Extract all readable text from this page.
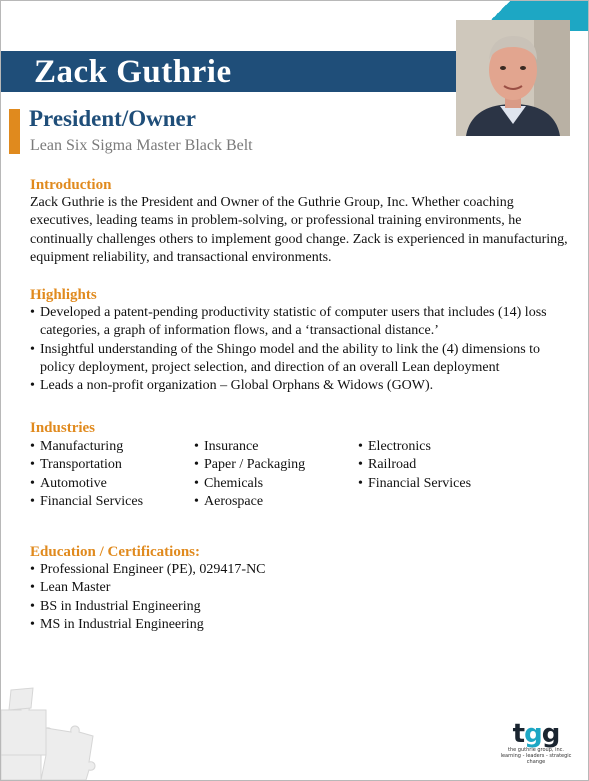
Zack Guthrie
President/Owner
Lean Six Sigma Master Black Belt
Introduction
Zack Guthrie is the President and Owner of the Guthrie Group, Inc. Whether coaching executives, leading teams in problem-solving, or professional training environments, he continually challenges others to implement good change. Zack is experienced in manufacturing, equipment reliability, and transactional environments.
Highlights
• Developed a patent-pending productivity statistic of computer users that includes (14) loss categories, a graph of information flows, and a ‘transactional distance.’
• Insightful understanding of the Shingo model and the ability to link the (4) dimensions to policy deployment, project selection, and direction of an overall Lean deployment
• Leads a non-profit organization – Global Orphans & Widows (GOW).
Industries
• Manufacturing
• Transportation
• Automotive
• Financial Services
• Insurance
• Paper / Packaging
• Chemicals
• Aerospace
• Electronics
• Railroad
• Financial Services
Education / Certifications:
• Professional Engineer (PE), 029417-NC
• Lean Master
• BS in Industrial Engineering
• MS in Industrial Engineering
tgg
the guthrie group, inc.
learning - leaders - strategic change
